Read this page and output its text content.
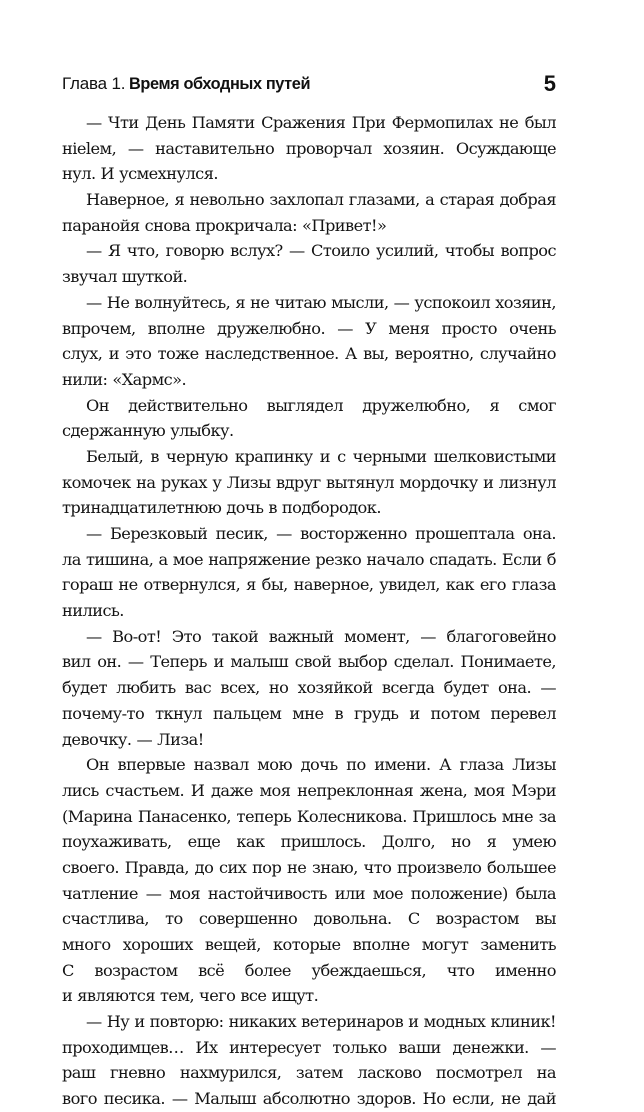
Глава 1. Время обходных путей	5
— Чти День Памяти Сражения При Фермопилах не был
нielем, — наставительно проворчал хозяин. Осуждающе
нул. И усмехнулся.
Наверное, я невольно захлопал глазами, а старая добрая
паранойя снова прокричала: «Привет!»
— Я что, говорю вслух? — Стоило усилий, чтобы вопрос
звучал шуткой.
— Не волнуйтесь, я не читаю мысли, — успокоил хозяин,
впрочем, вполне дружелюбно. — У меня просто очень
слух, и это тоже наследственное. А вы, вероятно, случайно
нили: «Хармс».
Он действительно выглядел дружелюбно, я смог
сдержанную улыбку.
Белый, в черную крапинку и с черными шелковистыми
комочек на руках у Лизы вдруг вытянул мордочку и лизнул
тринадцатилетнюю дочь в подбородок.
— Березковый песик, — восторженно прошептала она.
ла тишина, а мое напряжение резко начало спадать. Если б
гораш не отвернулся, я бы, наверное, увидел, как его глаза
нились.
— Во-от! Это такой важный момент, — благоговейно
вил он. — Теперь и малыш свой выбор сделал. Понимаете,
будет любить вас всех, но хозяйкой всегда будет она. —
почему-то ткнул пальцем мне в грудь и потом перевел
девочку. — Лиза!
Он впервые назвал мою дочь по имени. А глаза Лизы
лись счастьем. И даже моя непреклонная жена, моя Мэри
(Марина Панасенко, теперь Колесникова. Пришлось мне за
поухаживать, еще как пришлось. Долго, но я умею
своего. Правда, до сих пор не знаю, что произвело большее
чатление — моя настойчивость или мое положение) была
счастлива, то совершенно довольна. С возрастом вы
много хороших вещей, которые вполне могут заменить
С возрастом всё более убеждаешься, что именно
и являются тем, чего все ищут.
— Ну и повторю: никаких ветеринаров и модных клиник!
проходимцев… Их интересует только ваши денежки. —
раш гневно нахмурился, затем ласково посмотрел на
вого песика. — Малыш абсолютно здоров. Но если, не дай
